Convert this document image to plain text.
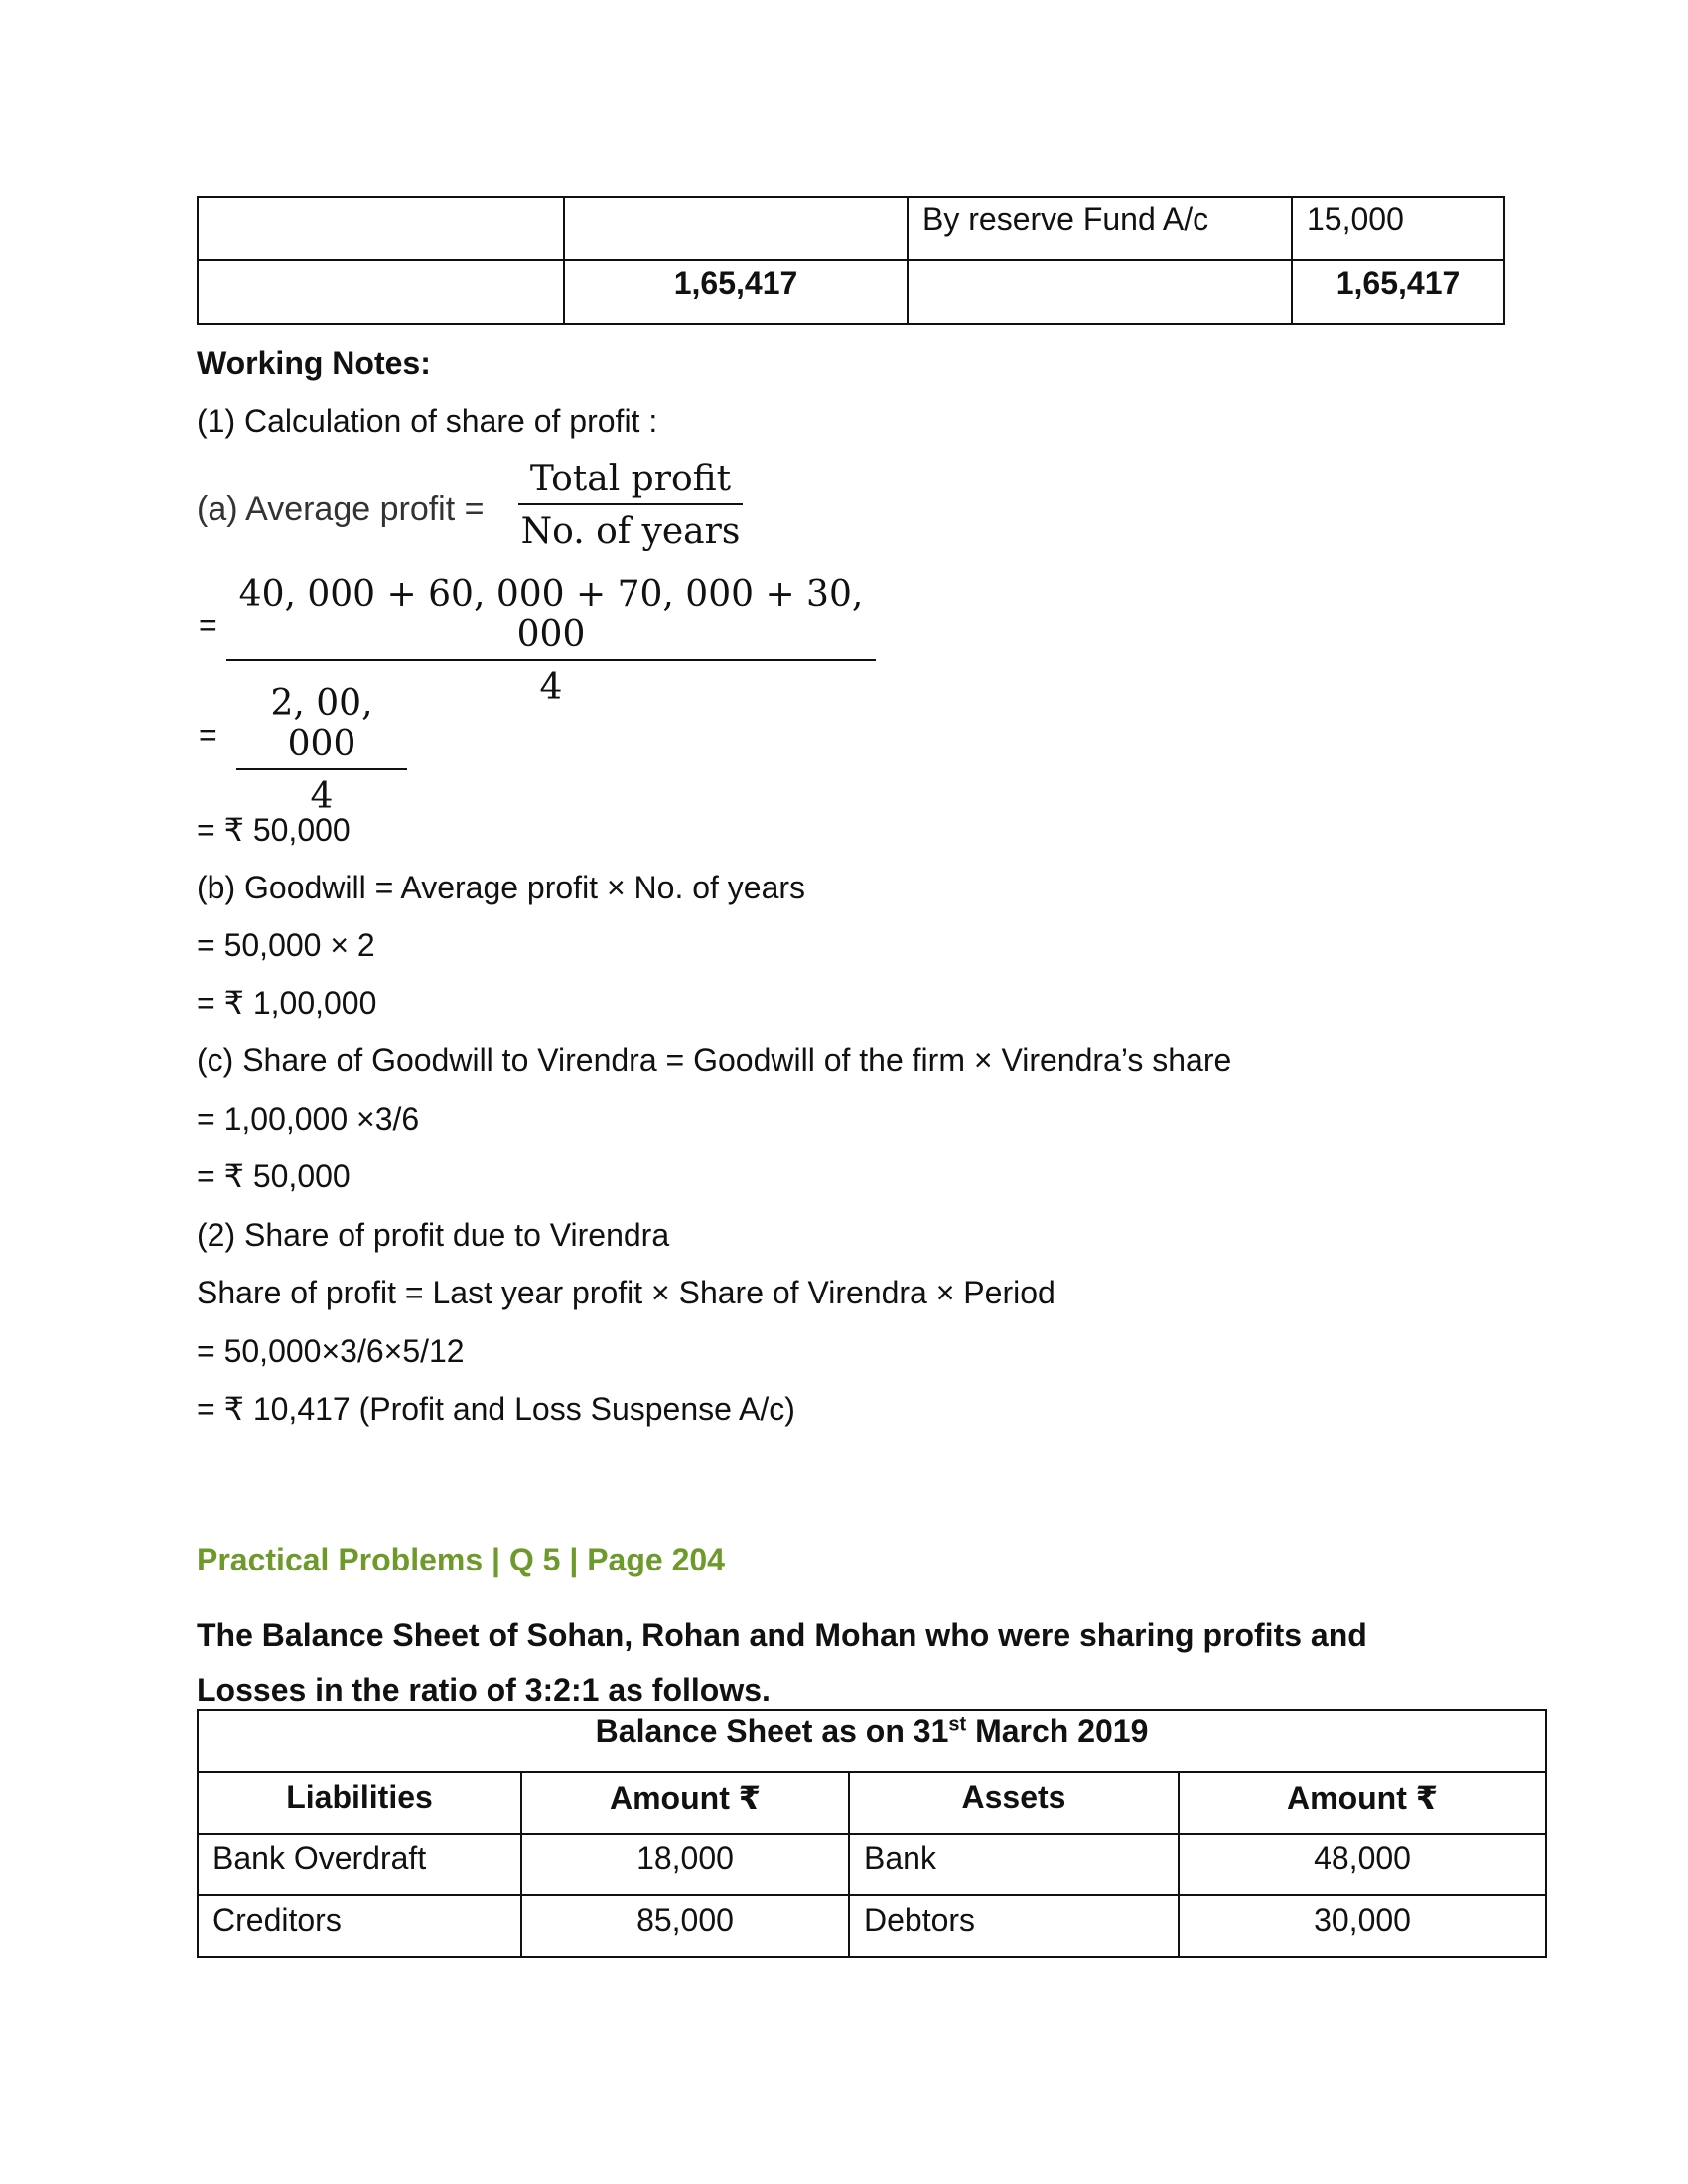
		By reserve Fund A/c	15,000
	1,65,417		1,65,417
Working Notes:
(1) Calculation of share of profit :
(a) Average profit =
Total profit
No. of years
= $\frac{40, 000 + 60, 000 + 70, 000 + 30, 000}{4}$
= $\frac{2, 00, 000}{4}$
= ₹ 50,000
(b) Goodwill = Average profit × No. of years
= 50,000 × 2
= ₹ 1,00,000
(c) Share of Goodwill to Virendra = Goodwill of the firm × Virendra’s share
= 1,00,000 ×3/6
= ₹ 50,000
(2) Share of profit due to Virendra
Share of profit = Last year profit × Share of Virendra × Period
= 50,000×3/6×5/12
= ₹ 10,417 (Profit and Loss Suspense A/c)
Practical Problems | Q 5 | Page 204
The Balance Sheet of Sohan, Rohan and Mohan who were sharing profits and
Losses in the ratio of 3:2:1 as follows.
Balance Sheet as on 31st March 2019			
Liabilities	Amount ₹	Assets	Amount ₹
Bank Overdraft	18,000	Bank	48,000
Creditors	85,000	Debtors	30,000
